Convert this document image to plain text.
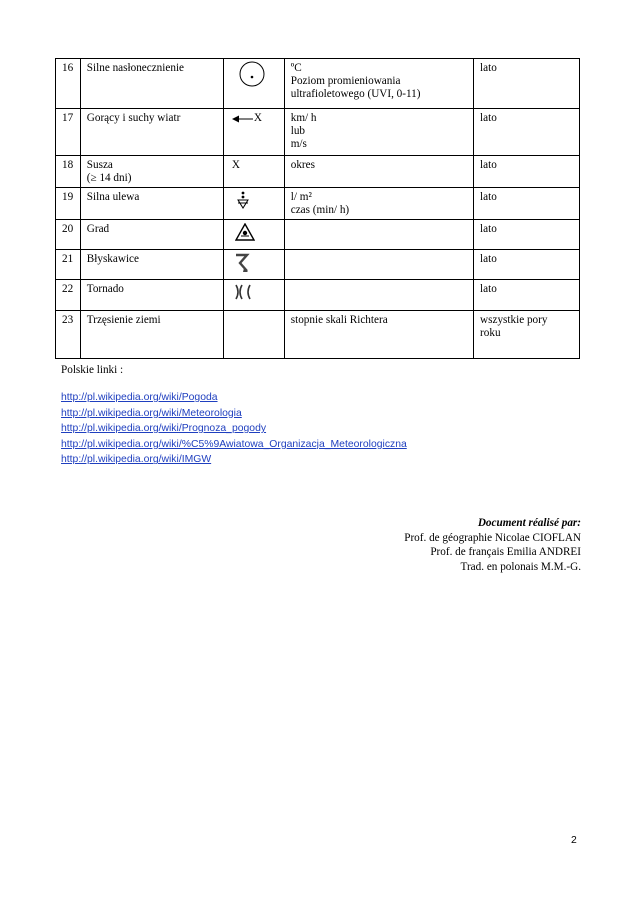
16	Silne nasłonecznienie		ºC
Poziom promieniowania
ultrafioletowego (UVI, 0-11)	lato

17	Gorący i suchy wiatr	X	km/ h
lub
m/s	lato

18	Susza
(≥ 14 dni)	X	okres	lato

19	Silna ulewa		l/ m²
czas (min/ h)	lato

20	Grad			lato

21	Błyskawice			lato

22	Tornado			lato

23	Trzęsienie ziemi		stopnie skali Richtera	wszystkie pory
roku
Polskie linki :
http://pl.wikipedia.org/wiki/Pogoda
http://pl.wikipedia.org/wiki/Meteorologia
http://pl.wikipedia.org/wiki/Prognoza_pogody
http://pl.wikipedia.org/wiki/%C5%9Awiatowa_Organizacja_Meteorologiczna
http://pl.wikipedia.org/wiki/IMGW
Document réalisé par:
Prof. de géographie Nicolae CIOFLAN
Prof. de français Emilia ANDREI
Trad. en polonais M.M.-G.
2
